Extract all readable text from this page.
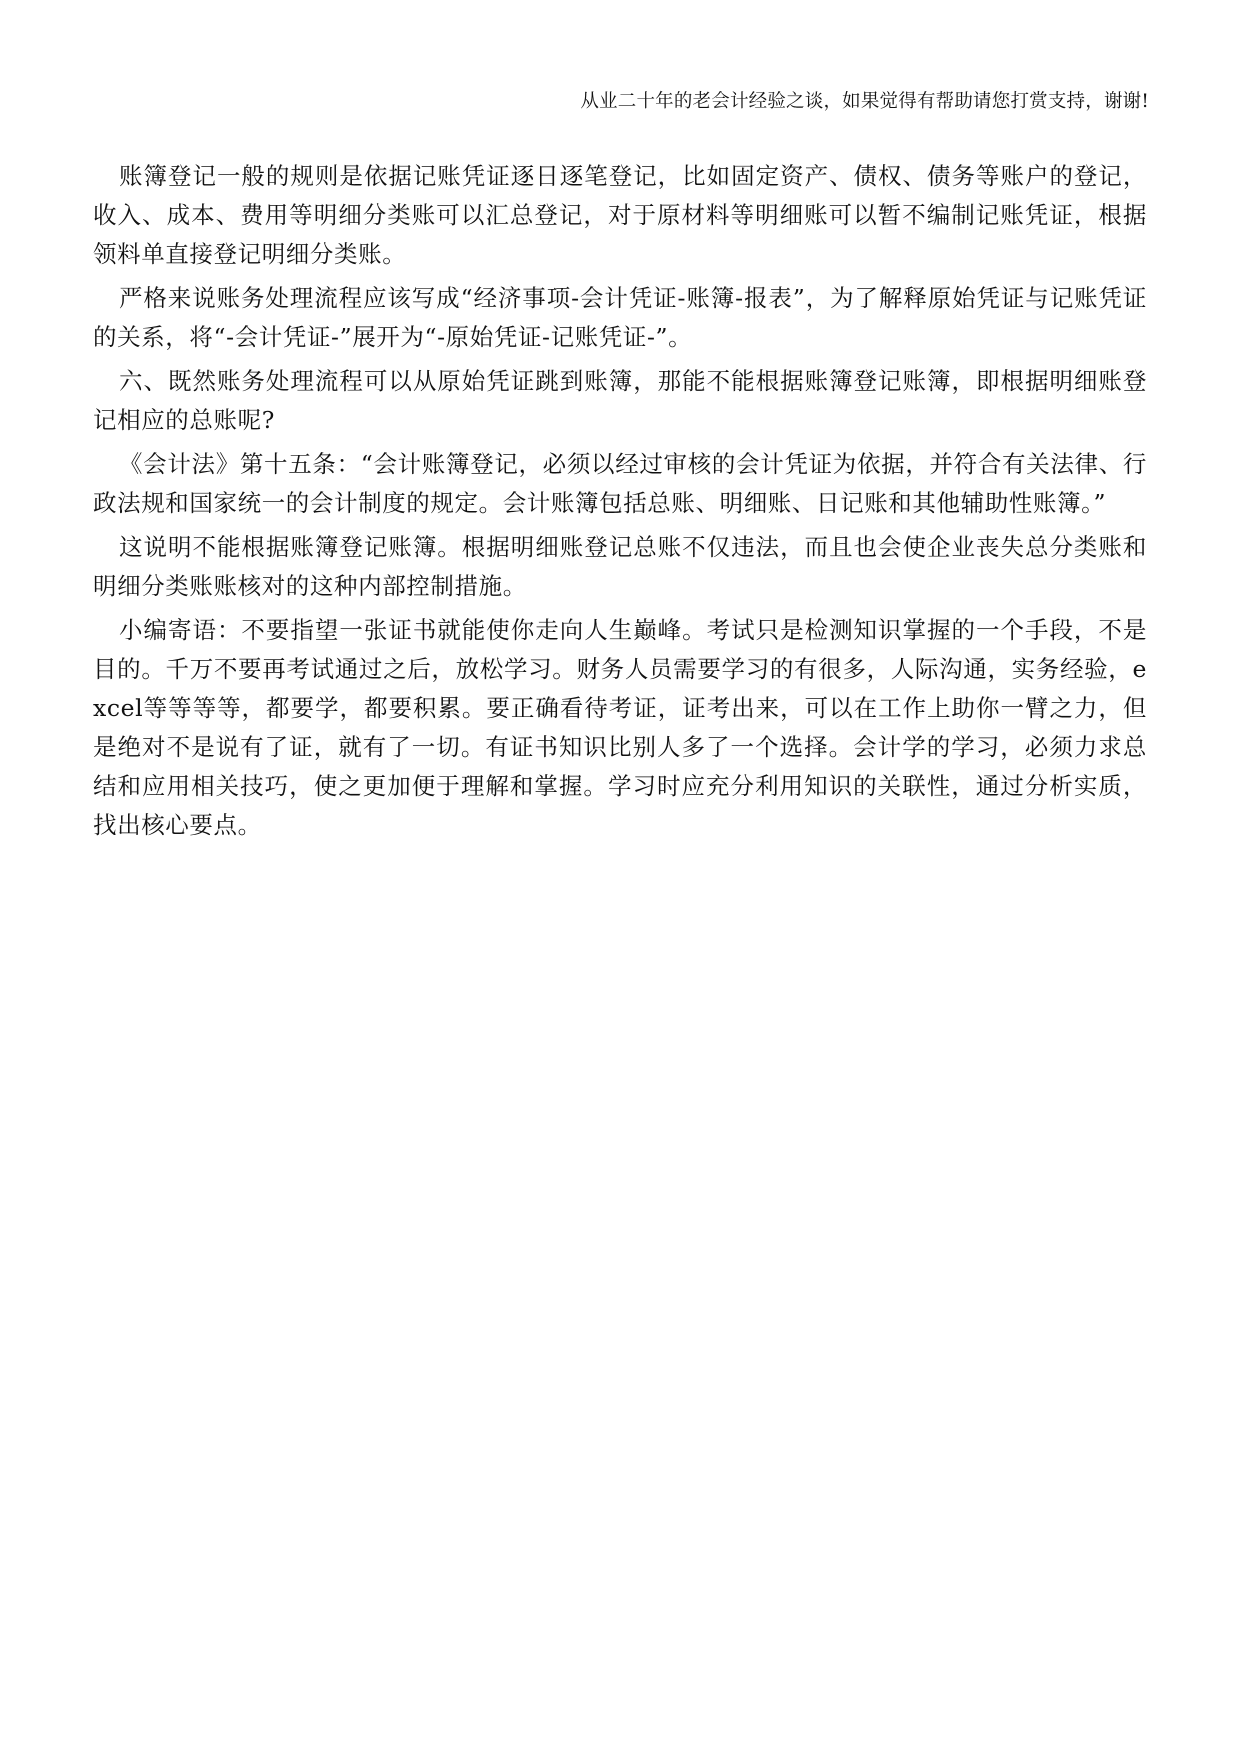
从业二十年的老会计经验之谈，如果觉得有帮助请您打赏支持，谢谢!

账簿登记一般的规则是依据记账凭证逐日逐笔登记，比如固定资产、债权、债务等账户的登记，收入、成本、费用等明细分类账可以汇总登记，对于原材料等明细账可以暂不编制记账凭证，根据领料单直接登记明细分类账。

严格来说账务处理流程应该写成“经济事项-会计凭证-账簿-报表”，为了解释原始凭证与记账凭证的关系，将“-会计凭证-”展开为“-原始凭证-记账凭证-”。

六、既然账务处理流程可以从原始凭证跳到账簿，那能不能根据账簿登记账簿，即根据明细账登记相应的总账呢?

《会计法》第十五条：“会计账簿登记，必须以经过审核的会计凭证为依据，并符合有关法律、行政法规和国家统一的会计制度的规定。会计账簿包括总账、明细账、日记账和其他辅助性账簿。”

这说明不能根据账簿登记账簿。根据明细账登记总账不仅违法，而且也会使企业丧失总分类账和明细分类账账核对的这种内部控制措施。

小编寄语：不要指望一张证书就能使你走向人生巅峰。考试只是检测知识掌握的一个手段，不是目的。千万不要再考试通过之后，放松学习。财务人员需要学习的有很多，人际沟通，实务经验，excel等等等等，都要学，都要积累。要正确看待考证，证考出来，可以在工作上助你一臂之力，但是绝对不是说有了证，就有了一切。有证书知识比别人多了一个选择。会计学的学习，必须力求总结和应用相关技巧，使之更加便于理解和掌握。学习时应充分利用知识的关联性，通过分析实质，找出核心要点。
